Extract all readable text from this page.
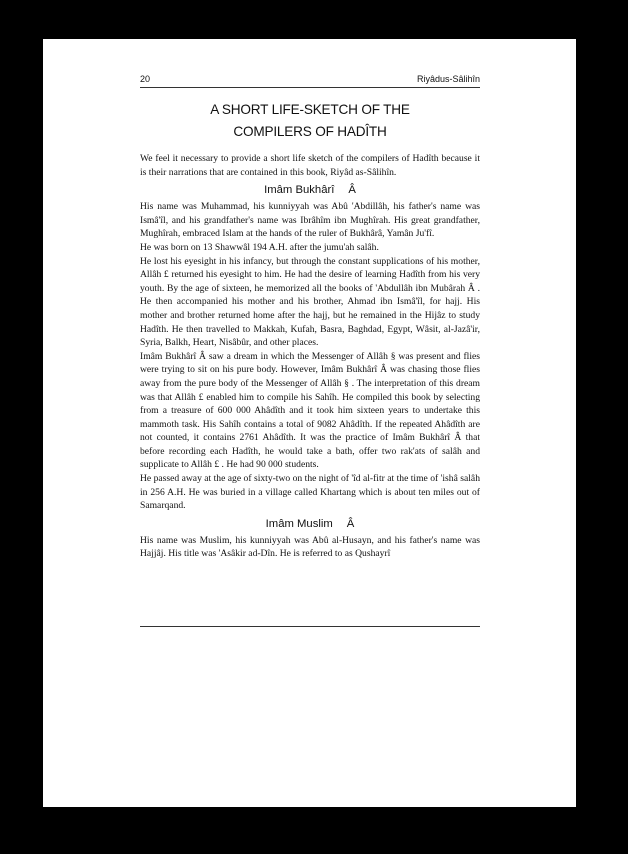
20	Riyâdus-Sâlihîn
A SHORT LIFE-SKETCH OF THE
COMPILERS OF HADÎTH

We feel it necessary to provide a short life sketch of the compilers of Hadîth because it is their narrations that are contained in this book, Riyâd as-Sâlihîn.

Imâm Bukhârî Â

His name was Muhammad, his kunniyyah was Abû 'Abdillâh, his father's name was Ismâ'îl, and his grandfather's name was Ibrâhîm ibn Mughîrah. His great grandfather, Mughîrah, embraced Islam at the hands of the ruler of Bukhârâ, Yamân Ju'fî.

He was born on 13 Shawwâl 194 A.H. after the jumu'ah salâh.

He lost his eyesight in his infancy, but through the constant supplications of his mother, Allâh £ returned his eyesight to him. He had the desire of learning Hadîth from his very youth. By the age of sixteen, he memorized all the books of 'Abdullâh ibn Mubârah Â . He then accompanied his mother and his brother, Ahmad ibn Ismâ'îl, for hajj. His mother and brother returned home after the hajj, but he remained in the Hijâz to study Hadîth. He then travelled to Makkah, Kufah, Basra, Baghdad, Egypt, Wâsit, al-Jazâ'ir, Syria, Balkh, Heart, Nisâbûr, and other places.

Imâm Bukhârî Â saw a dream in which the Messenger of Allâh § was present and flies were trying to sit on his pure body. However, Imâm Bukhârî Â was chasing those flies away from the pure body of the Messenger of Allâh § . The interpretation of this dream was that Allâh £ enabled him to compile his Sahîh. He compiled this book by selecting from a treasure of 600 000 Ahâdîth and it took him sixteen years to undertake this mammoth task. His Sahîh contains a total of 9082 Ahâdîth. If the repeated Ahâdîth are not counted, it contains 2761 Ahâdîth. It was the practice of Imâm Bukhârî Â that before recording each Hadîth, he would take a bath, offer two rak'ats of salâh and supplicate to Allâh £ . He had 90 000 students.

He passed away at the age of sixty-two on the night of 'îd al-fitr at the time of 'ishâ salâh in 256 A.H. He was buried in a village called Khartang which is about ten miles out of Samarqand.

Imâm Muslim Â

His name was Muslim, his kunniyyah was Abû al-Husayn, and his father's name was Hajjâj. His title was 'Asâkir ad-Dîn. He is referred to as Qushayrî
